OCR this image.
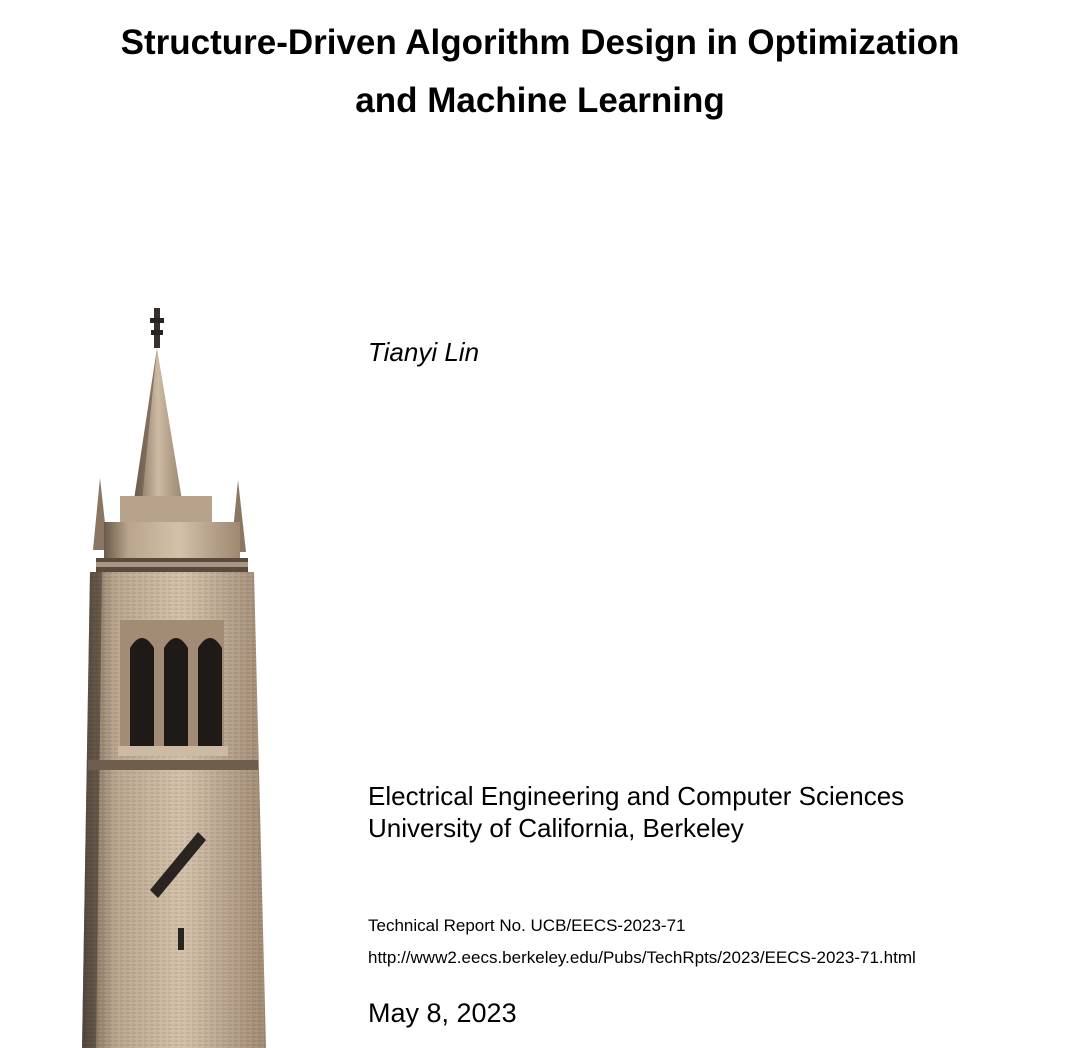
Structure-Driven Algorithm Design in Optimization
and Machine Learning
Tianyi Lin
Electrical Engineering and Computer Sciences
University of California, Berkeley
Technical Report No. UCB/EECS-2023-71
http://www2.eecs.berkeley.edu/Pubs/TechRpts/2023/EECS-2023-71.html
May 8, 2023
